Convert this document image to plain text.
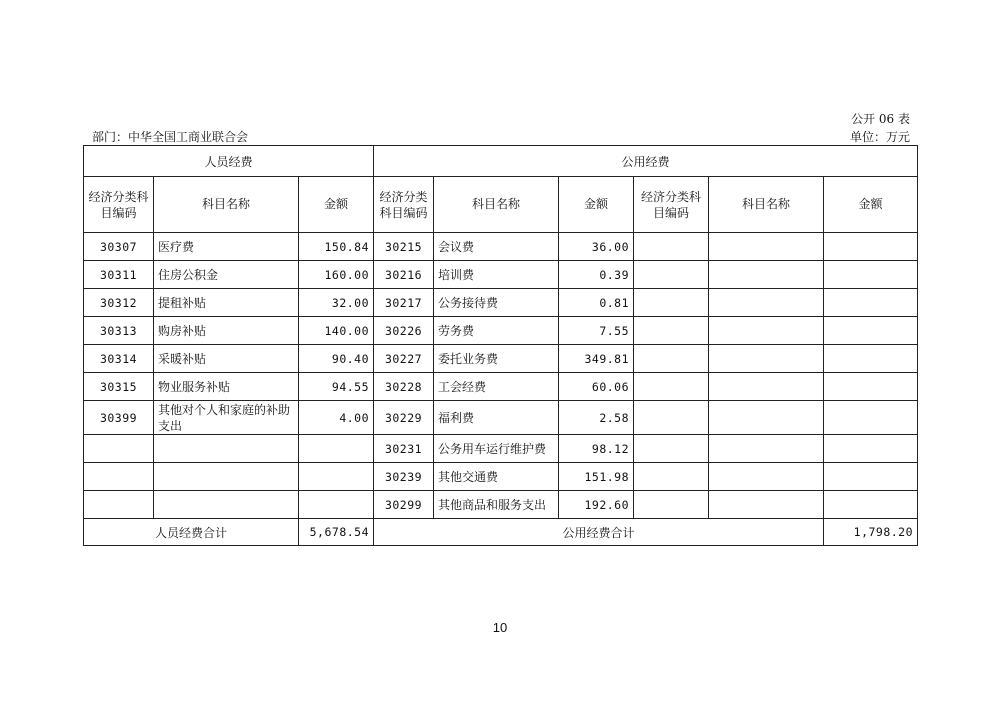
公开 06 表
部门：中华全国工商业联合会	单位：万元
人员经费			公用经费					
经济分类科目编码	科目名称	金额	经济分类科目编码	科目名称	金额	经济分类科目编码	科目名称	金额
30307	医疗费	150.84	30215	会议费	36.00			
30311	住房公积金	160.00	30216	培训费	0.39			
30312	提租补贴	32.00	30217	公务接待费	0.81			
30313	购房补贴	140.00	30226	劳务费	7.55			
30314	采暖补贴	90.40	30227	委托业务费	349.81			
30315	物业服务补贴	94.55	30228	工会经费	60.06			
30399	其他对个人和家庭的补助支出	4.00	30229	福利费	2.58			
			30231	公务用车运行维护费	98.12			
			30239	其他交通费	151.98			
			30299	其他商品和服务支出	192.60			
人员经费合计		5,678.54	公用经费合计					1,798.20
10
